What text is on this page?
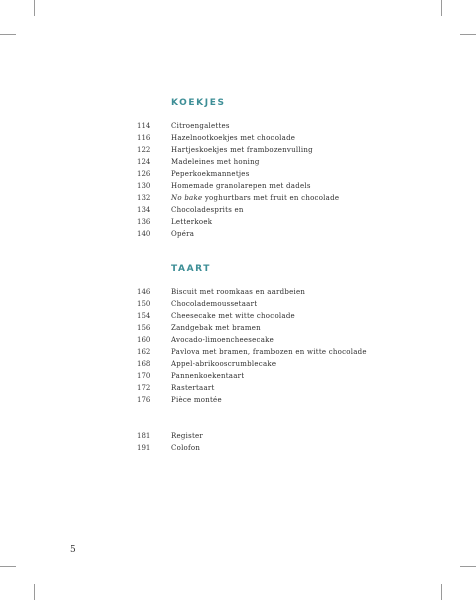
KOEKJES
114	Citroengalettes
116	Hazelnootkoekjes met chocolade
122	Hartjeskoekjes met frambozenvulling
124	Madeleines met honing
126	Peperkoekmannetjes
130	Homemade granolarepen met dadels
132	No bake yoghurtbars met fruit en chocolade
134	Chocoladesprits en
136	Letterkoek
140	Opéra
TAART
146	Biscuit met roomkaas en aardbeien
150	Chocolademoussetaart
154	Cheesecake met witte chocolade
156	Zandgebak met bramen
160	Avocado-limoencheesecake
162	Pavlova met bramen, frambozen en witte chocolade
168	Appel-abrikooscrumblecake
170	Pannenkoekentaart
172	Rastertaart
176	Pièce montée
181	Register
191	Colofon
5
